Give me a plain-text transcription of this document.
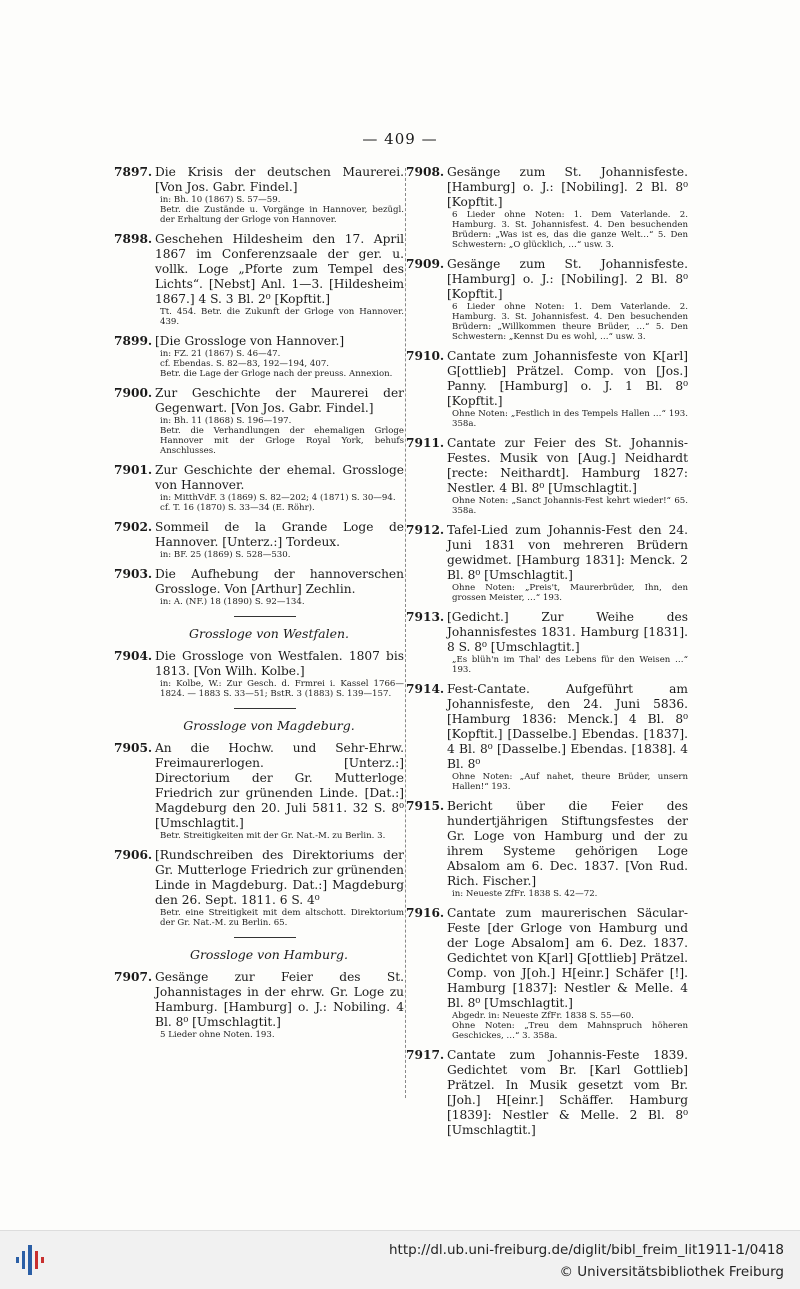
— 409 —
7897. Die Krisis der deutschen Maurerei. [Von Jos. Gabr. Findel.]
in: Bh. 10 (1867) S. 57—59.
Betr. die Zustände u. Vorgänge in Hannover, bezügl. der Erhaltung der Grloge von Hannover.
7898. Geschehen Hildesheim den 17. April 1867 im Conferenzsaale der ger. u. vollk. Loge „Pforte zum Tempel des Lichts“. [Nebst] Anl. 1—3. [Hildesheim 1867.] 4 S. 3 Bl. 2⁰ [Kopftit.]
Tt. 454. Betr. die Zukunft der Grloge von Hannover. 439.
7899. [Die Grossloge von Hannover.]
in: FZ. 21 (1867) S. 46—47.
cf. Ebendas. S. 82—83, 192—194, 407.
Betr. die Lage der Grloge nach der preuss. Annexion.
7900. Zur Geschichte der Maurerei der Gegenwart. [Von Jos. Gabr. Findel.]
in: Bh. 11 (1868) S. 196—197.
Betr. die Verhandlungen der ehemaligen Grloge Hannover mit der Grloge Royal York, behufs Anschlusses.
7901. Zur Geschichte der ehemal. Grossloge von Hannover.
in: MitthVdF. 3 (1869) S. 82—202; 4 (1871) S. 30—94.
cf. T. 16 (1870) S. 33—34 (E. Röhr).
7902. Sommeil de la Grande Loge de Hannover. [Unterz.:] Tordeux.
in: BF. 25 (1869) S. 528—530.
7903. Die Aufhebung der hannoverschen Grossloge. Von [Arthur] Zechlin.
in: A. (NF.) 18 (1890) S. 92—134.
Grossloge von Westfalen.
7904. Die Grossloge von Westfalen. 1807 bis 1813. [Von Wilh. Kolbe.]
in: Kolbe, W.: Zur Gesch. d. Frmrei i. Kassel 1766—1824. — 1883 S. 33—51; BstR. 3 (1883) S. 139—157.
Grossloge von Magdeburg.
7905. An die Hochw. und Sehr-Ehrw. Freimaurerlogen. [Unterz.:] Directorium der Gr. Mutterloge Friedrich zur grünenden Linde. [Dat.:] Magdeburg den 20. Juli 5811. 32 S. 8⁰ [Umschlagtit.]
Betr. Streitigkeiten mit der Gr. Nat.-M. zu Berlin. 3.
7906. [Rundschreiben des Direktoriums der Gr. Mutterloge Friedrich zur grünenden Linde in Magdeburg. Dat.:] Magdeburg den 26. Sept. 1811. 6 S. 4⁰
Betr. eine Streitigkeit mit dem altschott. Direktorium der Gr. Nat.-M. zu Berlin. 65.
Grossloge von Hamburg.
7907. Gesänge zur Feier des St. Johannistages in der ehrw. Gr. Loge zu Hamburg. [Hamburg] o. J.: Nobiling. 4 Bl. 8⁰ [Umschlagtit.]
5 Lieder ohne Noten. 193.
7908. Gesänge zum St. Johannisfeste. [Hamburg] o. J.: [Nobiling]. 2 Bl. 8⁰ [Kopftit.]
6 Lieder ohne Noten: 1. Dem Vaterlande. 2. Hamburg. 3. St. Johannisfest. 4. Den besuchenden Brüdern: „Was ist es, das die ganze Welt…“ 5. Den Schwestern: „O glücklich, …“ usw. 3.
7909. Gesänge zum St. Johannisfeste. [Hamburg] o. J.: [Nobiling]. 2 Bl. 8⁰ [Kopftit.]
6 Lieder ohne Noten: 1. Dem Vaterlande. 2. Hamburg. 3. St. Johannisfest. 4. Den besuchenden Brüdern: „Willkommen theure Brüder, …“ 5. Den Schwestern: „Kennst Du es wohl, …“ usw. 3.
7910. Cantate zum Johannisfeste von K[arl] G[ottlieb] Prätzel. Comp. von [Jos.] Panny. [Hamburg] o. J. 1 Bl. 8⁰ [Kopftit.]
Ohne Noten: „Festlich in des Tempels Hallen …“ 193. 358a.
7911. Cantate zur Feier des St. Johannis-Festes. Musik von [Aug.] Neidhardt [recte: Neithardt]. Hamburg 1827: Nestler. 4 Bl. 8⁰ [Umschlagtit.]
Ohne Noten: „Sanct Johannis-Fest kehrt wieder!“ 65. 358a.
7912. Tafel-Lied zum Johannis-Fest den 24. Juni 1831 von mehreren Brüdern gewidmet. [Hamburg 1831]: Menck. 2 Bl. 8⁰ [Umschlagtit.]
Ohne Noten: „Preis't, Maurerbrüder, Ihn, den grossen Meister, …“ 193.
7913. [Gedicht.] Zur Weihe des Johannisfestes 1831. Hamburg [1831]. 8 S. 8⁰ [Umschlagtit.]
„Es blüh'n im Thal' des Lebens für den Weisen …“ 193.
7914. Fest-Cantate. Aufgeführt am Johannisfeste, den 24. Juni 5836. [Hamburg 1836: Menck.] 4 Bl. 8⁰ [Kopftit.] [Dasselbe.] Ebendas. [1837]. 4 Bl. 8⁰ [Dasselbe.] Ebendas. [1838]. 4 Bl. 8⁰
Ohne Noten: „Auf nahet, theure Brüder, unsern Hallen!“ 193.
7915. Bericht über die Feier des hundertjährigen Stiftungsfestes der Gr. Loge von Hamburg und der zu ihrem Systeme gehörigen Loge Absalom am 6. Dec. 1837. [Von Rud. Rich. Fischer.]
in: Neueste ZfFr. 1838 S. 42—72.
7916. Cantate zum maurerischen Säcular-Feste [der Grloge von Hamburg und der Loge Absalom] am 6. Dez. 1837. Gedichtet von K[arl] G[ottlieb] Prätzel. Comp. von J[oh.] H[einr.] Schäfer [!]. Hamburg [1837]: Nestler & Melle. 4 Bl. 8⁰ [Umschlagtit.]
Abgedr. in: Neueste ZfFr. 1838 S. 55—60.
Ohne Noten: „Treu dem Mahnspruch höheren Geschickes, …“ 3. 358a.
7917. Cantate zum Johannis-Feste 1839. Gedichtet vom Br. [Karl Gottlieb] Prätzel. In Musik gesetzt vom Br. [Joh.] H[einr.] Schäffer. Hamburg [1839]: Nestler & Melle. 2 Bl. 8⁰ [Umschlagtit.]
http://dl.ub.uni-freiburg.de/diglit/bibl_freim_lit1911-1/0418
© Universitätsbibliothek Freiburg
